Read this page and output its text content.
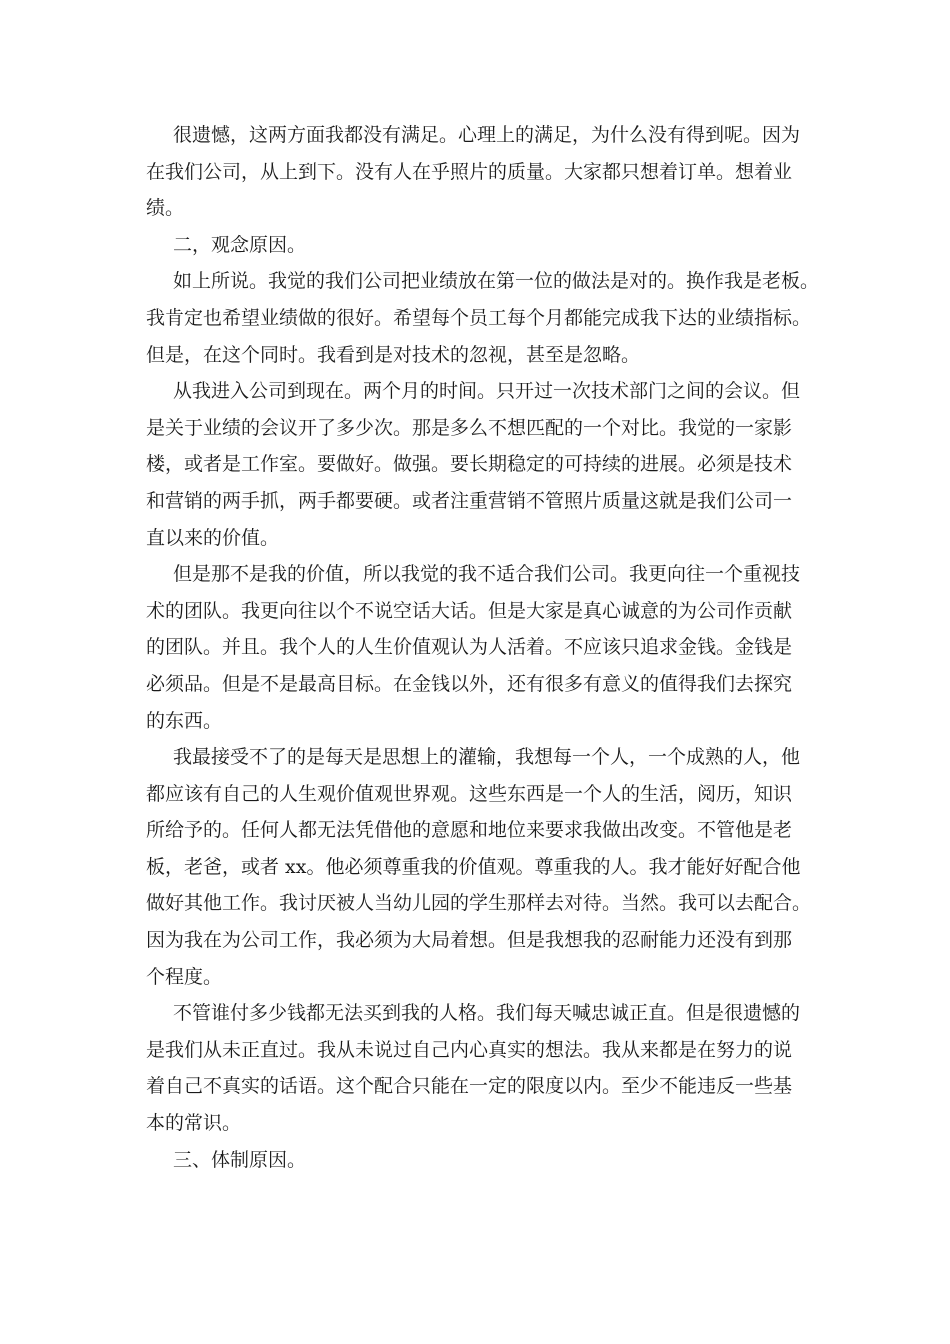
很遗憾，这两方面我都没有满足。心理上的满足，为什么没有得到呢。因为
在我们公司，从上到下。没有人在乎照片的质量。大家都只想着订单。想着业
绩。
二，观念原因。
如上所说。我觉的我们公司把业绩放在第一位的做法是对的。换作我是老板。
我肯定也希望业绩做的很好。希望每个员工每个月都能完成我下达的业绩指标。
但是，在这个同时。我看到是对技术的忽视，甚至是忽略。
从我进入公司到现在。两个月的时间。只开过一次技术部门之间的会议。但
是关于业绩的会议开了多少次。那是多么不想匹配的一个对比。我觉的一家影
楼，或者是工作室。要做好。做强。要长期稳定的可持续的进展。必须是技术
和营销的两手抓，两手都要硬。或者注重营销不管照片质量这就是我们公司一
直以来的价值。
但是那不是我的价值，所以我觉的我不适合我们公司。我更向往一个重视技
术的团队。我更向往以个不说空话大话。但是大家是真心诚意的为公司作贡献
的团队。并且。我个人的人生价值观认为人活着。不应该只追求金钱。金钱是
必须品。但是不是最高目标。在金钱以外，还有很多有意义的值得我们去探究
的东西。
我最接受不了的是每天是思想上的灌输，我想每一个人，一个成熟的人，他
都应该有自己的人生观价值观世界观。这些东西是一个人的生活，阅历，知识
所给予的。任何人都无法凭借他的意愿和地位来要求我做出改变。不管他是老
板，老爸，或者 xx。他必须尊重我的价值观。尊重我的人。我才能好好配合他
做好其他工作。我讨厌被人当幼儿园的学生那样去对待。当然。我可以去配合。
因为我在为公司工作，我必须为大局着想。但是我想我的忍耐能力还没有到那
个程度。
不管谁付多少钱都无法买到我的人格。我们每天喊忠诚正直。但是很遗憾的
是我们从未正直过。我从未说过自己内心真实的想法。我从来都是在努力的说
着自己不真实的话语。这个配合只能在一定的限度以内。至少不能违反一些基
本的常识。
三、体制原因。
